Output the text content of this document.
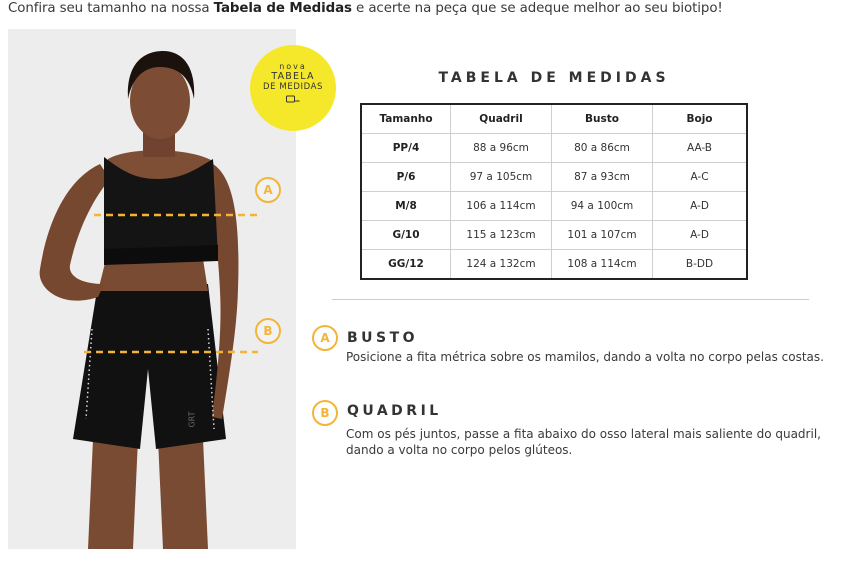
Confira seu tamanho na nossa Tabela de Medidas e acerte na peça que se adeque melhor ao seu biotipo!
A
B
GRT
nova
TABELA
DE MEDIDAS
TABELA DE MEDIDAS
Tamanho	Quadril	Busto	Bojo
PP/4	88 a 96cm	80 a 86cm	AA-B
P/6	97 a 105cm	87 a 93cm	A-C
M/8	106 a 114cm	94 a 100cm	A-D
G/10	115 a 123cm	101 a 107cm	A-D
GG/12	124 a 132cm	108 a 114cm	B-DD
A	BUSTO
Posicione a fita métrica sobre os mamilos, dando a volta no corpo pelas costas.
B	QUADRIL
Com os pés juntos, passe a fita abaixo do osso lateral mais saliente do quadril,
dando a volta no corpo pelos glúteos.
